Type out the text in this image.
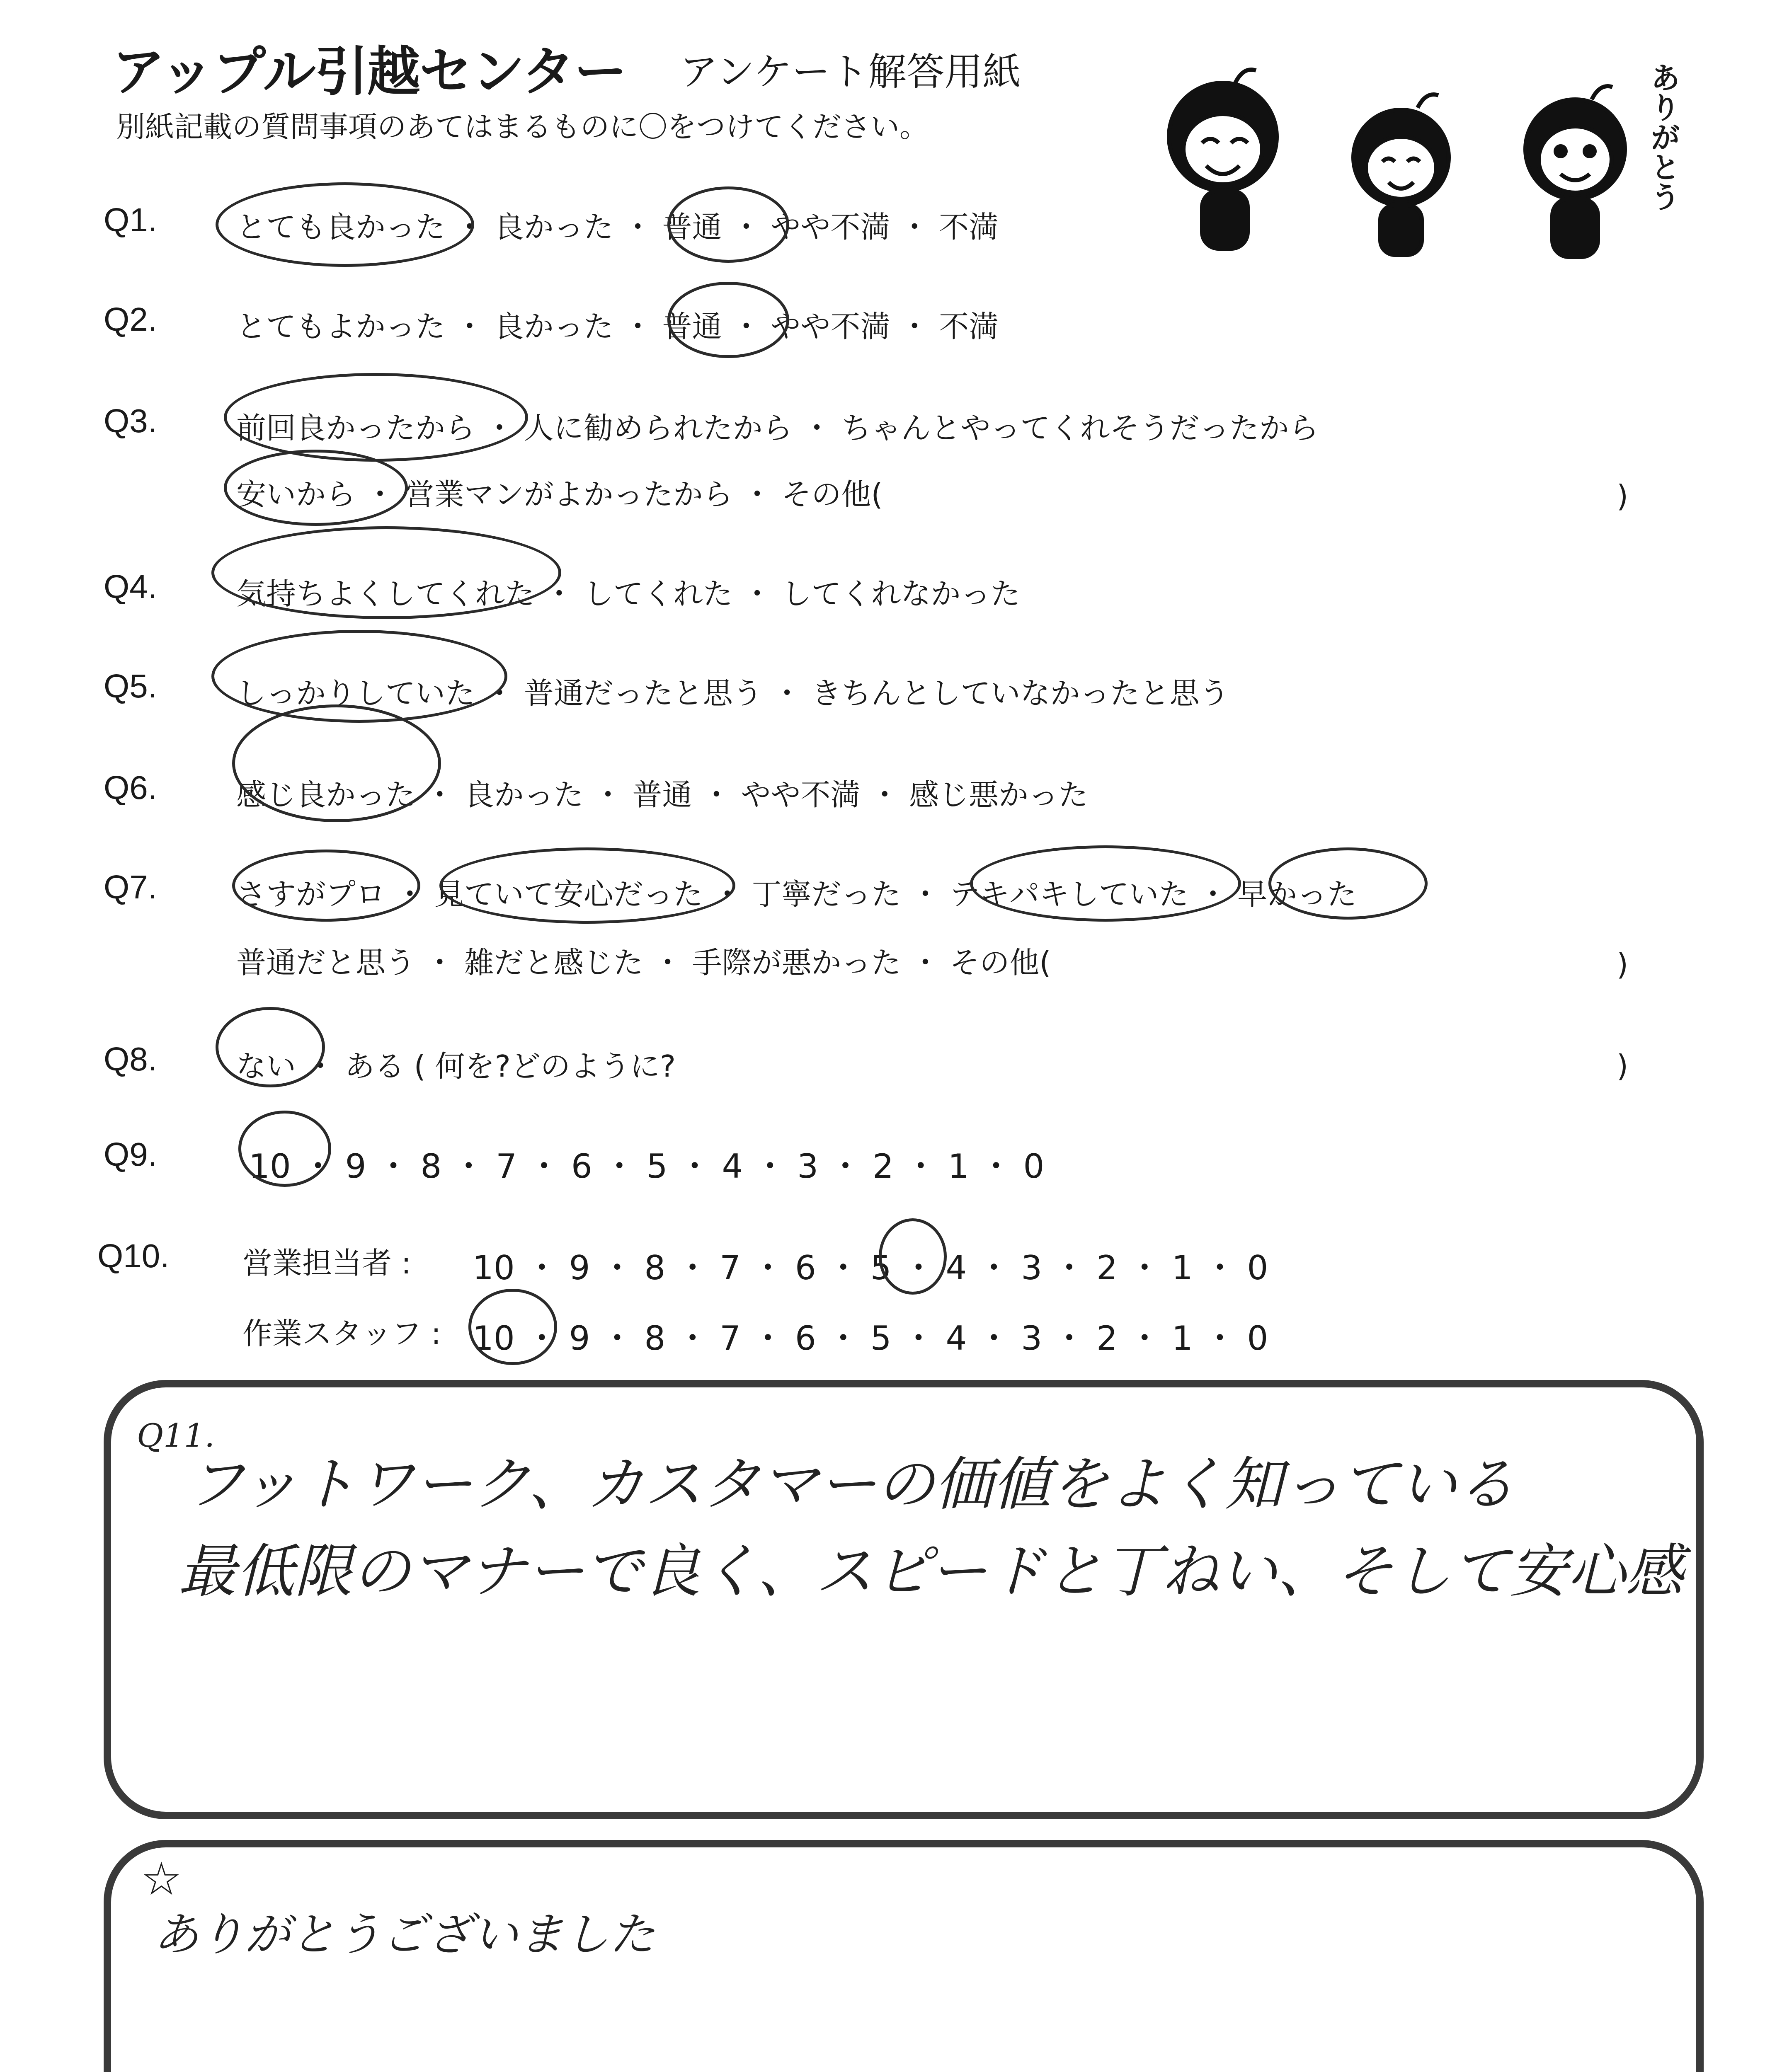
アップル引越センター アンケート解答用紙
別紙記載の質問事項のあてはまるものに〇をつけてください。	ありがとう
Q1.	とても良かった ・ 良かった ・ 普通 ・ やや不満 ・ 不満
Q2.	とてもよかった ・ 良かった ・ 普通 ・ やや不満 ・ 不満
Q3.	前回良かったから ・ 人に勧められたから ・ ちゃんとやってくれそうだったから
安いから ・ 営業マンがよかったから ・ その他(	)
Q4.	気持ちよくしてくれた ・ してくれた ・ してくれなかった
Q5.	しっかりしていた ・ 普通だったと思う ・ きちんとしていなかったと思う
Q6.	感じ良かった ・ 良かった ・ 普通 ・ やや不満 ・ 感じ悪かった
Q7.	さすがプロ ・ 見ていて安心だった ・ 丁寧だった ・ テキパキしていた ・ 早かった
普通だと思う ・ 雑だと感じた ・ 手際が悪かった ・ その他(	)
Q8.	ない ・ ある ( 何を?どのように?	)
Q9.	10 ・ 9 ・ 8 ・ 7 ・ 6 ・ 5 ・ 4 ・ 3 ・ 2 ・ 1 ・ 0
Q10. 営業担当者 : 10 ・ 9 ・ 8 ・ 7 ・ 6 ・ 5 ・ 4 ・ 3 ・ 2 ・ 1 ・ 0
作業スタッフ : 10 ・ 9 ・ 8 ・ 7 ・ 6 ・ 5 ・ 4 ・ 3 ・ 2 ・ 1 ・ 0
Q11.
フットワーク、カスタマーの価値をよく知っている
最低限のマナーで良く、スピードと丁ねい、そして安心感
☆
ありがとうございました
